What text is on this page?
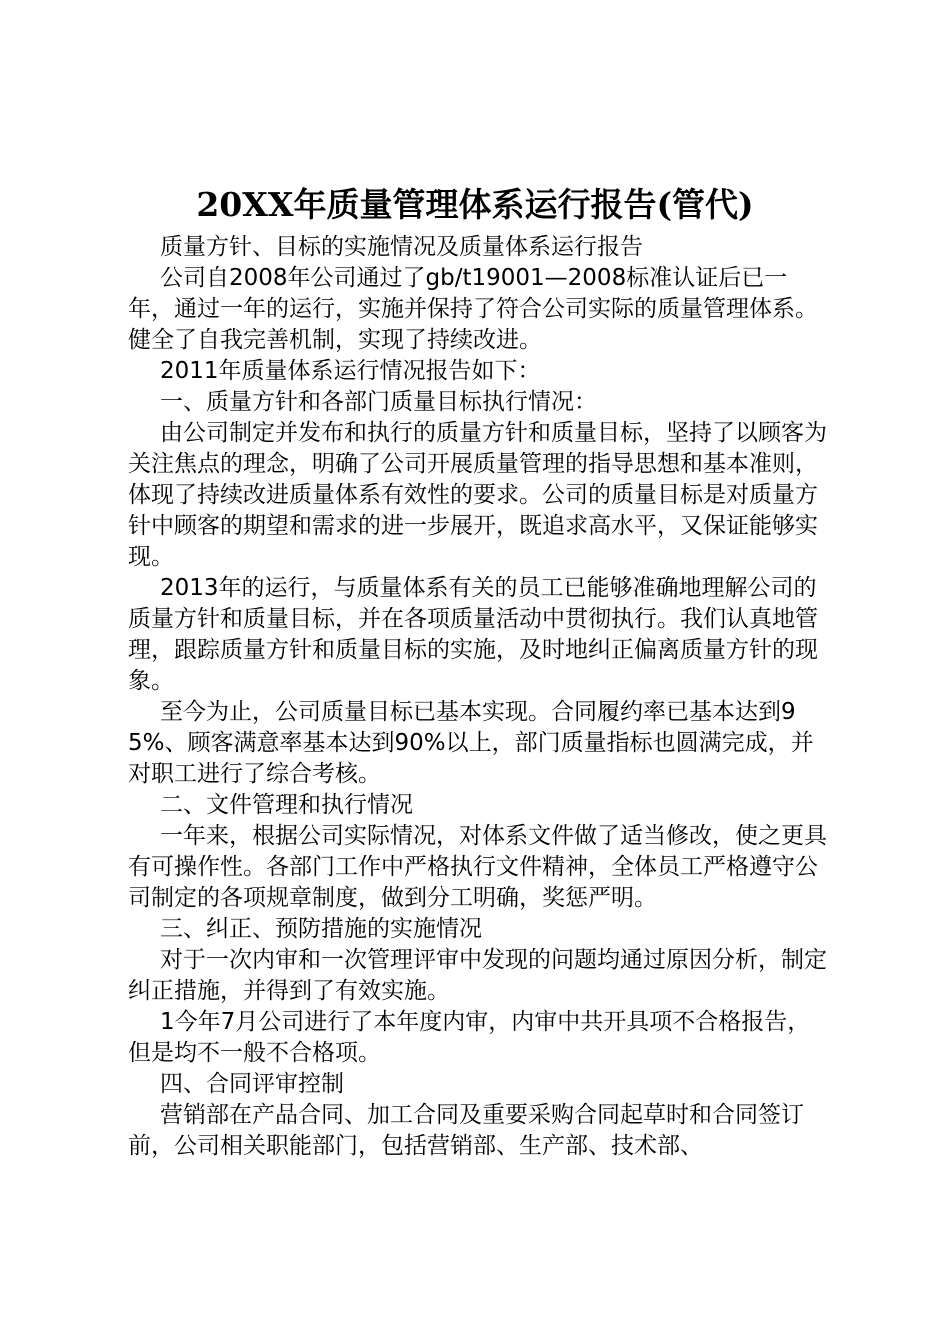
20XX年质量管理体系运行报告(管代)

质量方针、目标的实施情况及质量体系运行报告

公司自2008年公司通过了gb/t19001—2008标准认证后已一年，通过一年的运行，实施并保持了符合公司实际的质量管理体系。健全了自我完善机制，实现了持续改进。

2011年质量体系运行情况报告如下：

一、质量方针和各部门质量目标执行情况：

由公司制定并发布和执行的质量方针和质量目标，坚持了以顾客为关注焦点的理念，明确了公司开展质量管理的指导思想和基本准则，体现了持续改进质量体系有效性的要求。公司的质量目标是对质量方针中顾客的期望和需求的进一步展开，既追求高水平，又保证能够实现。

2013年的运行，与质量体系有关的员工已能够准确地理解公司的质量方针和质量目标，并在各项质量活动中贯彻执行。我们认真地管理，跟踪质量方针和质量目标的实施，及时地纠正偏离质量方针的现象。

至今为止，公司质量目标已基本实现。合同履约率已基本达到95%、顾客满意率基本达到90%以上，部门质量指标也圆满完成，并对职工进行了综合考核。

二、文件管理和执行情况

一年来，根据公司实际情况，对体系文件做了适当修改，使之更具有可操作性。各部门工作中严格执行文件精神，全体员工严格遵守公司制定的各项规章制度，做到分工明确，奖惩严明。

三、纠正、预防措施的实施情况

对于一次内审和一次管理评审中发现的问题均通过原因分析，制定纠正措施，并得到了有效实施。

1今年7月公司进行了本年度内审，内审中共开具项不合格报告，但是均不一般不合格项。

四、合同评审控制

营销部在产品合同、加工合同及重要采购合同起草时和合同签订前，公司相关职能部门，包括营销部、生产部、技术部、
